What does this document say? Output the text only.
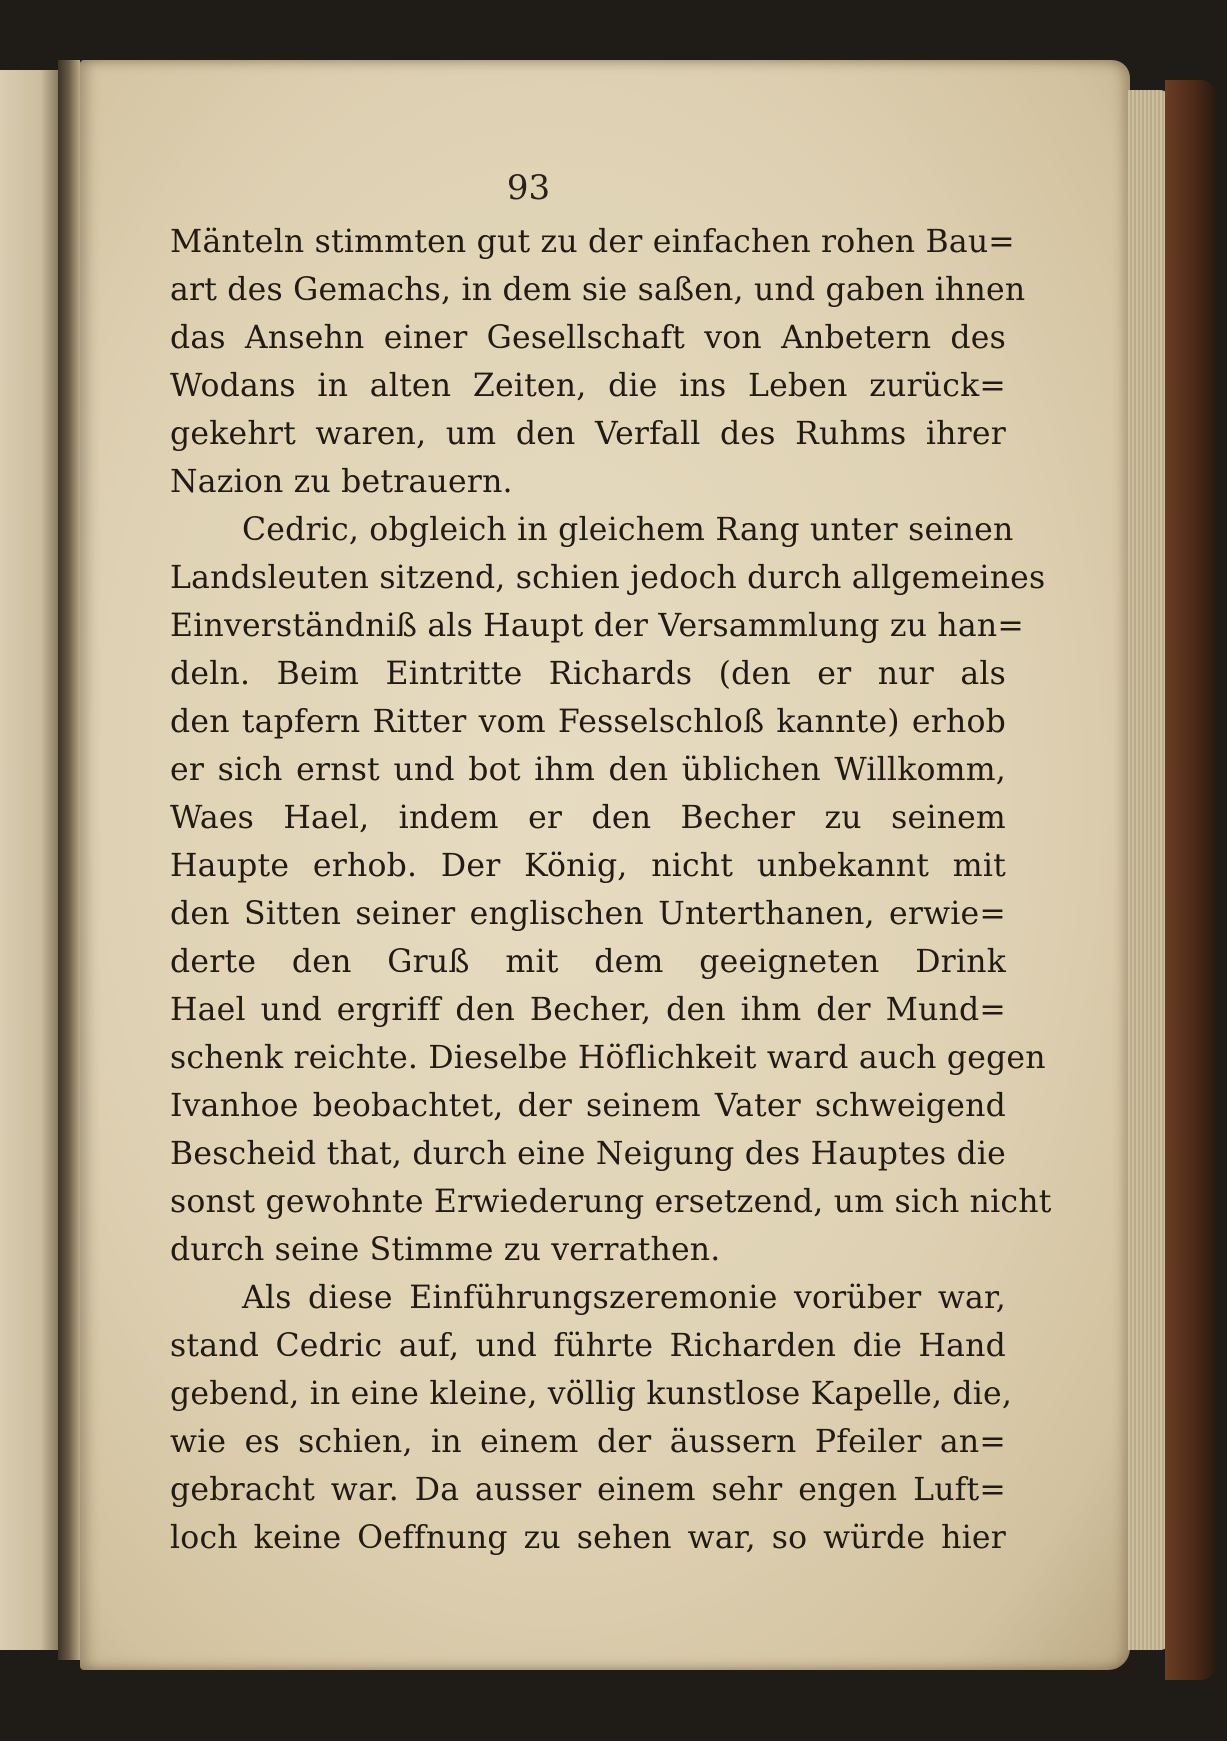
93
Mänteln stimmten gut zu der einfachen rohen Bau=
art des Gemachs, in dem sie saßen, und gaben ihnen
das Ansehn einer Gesellschaft von Anbetern des
Wodans in alten Zeiten, die ins Leben zurück=
gekehrt waren, um den Verfall des Ruhms ihrer
Nazion zu betrauern.
Cedric, obgleich in gleichem Rang unter seinen
Landsleuten sitzend, schien jedoch durch allgemeines
Einverständniß als Haupt der Versammlung zu han=
deln. Beim Eintritte Richards (den er nur als
den tapfern Ritter vom Fesselschloß kannte) erhob
er sich ernst und bot ihm den üblichen Willkomm,
Waes Hael, indem er den Becher zu seinem
Haupte erhob. Der König, nicht unbekannt mit
den Sitten seiner englischen Unterthanen, erwie=
derte den Gruß mit dem geeigneten Drink
Hael und ergriff den Becher, den ihm der Mund=
schenk reichte. Dieselbe Höflichkeit ward auch gegen
Ivanhoe beobachtet, der seinem Vater schweigend
Bescheid that, durch eine Neigung des Hauptes die
sonst gewohnte Erwiederung ersetzend, um sich nicht
durch seine Stimme zu verrathen.
Als diese Einführungszeremonie vorüber war,
stand Cedric auf, und führte Richarden die Hand
gebend, in eine kleine, völlig kunstlose Kapelle, die,
wie es schien, in einem der äussern Pfeiler an=
gebracht war. Da ausser einem sehr engen Luft=
loch keine Oeffnung zu sehen war, so würde hier
